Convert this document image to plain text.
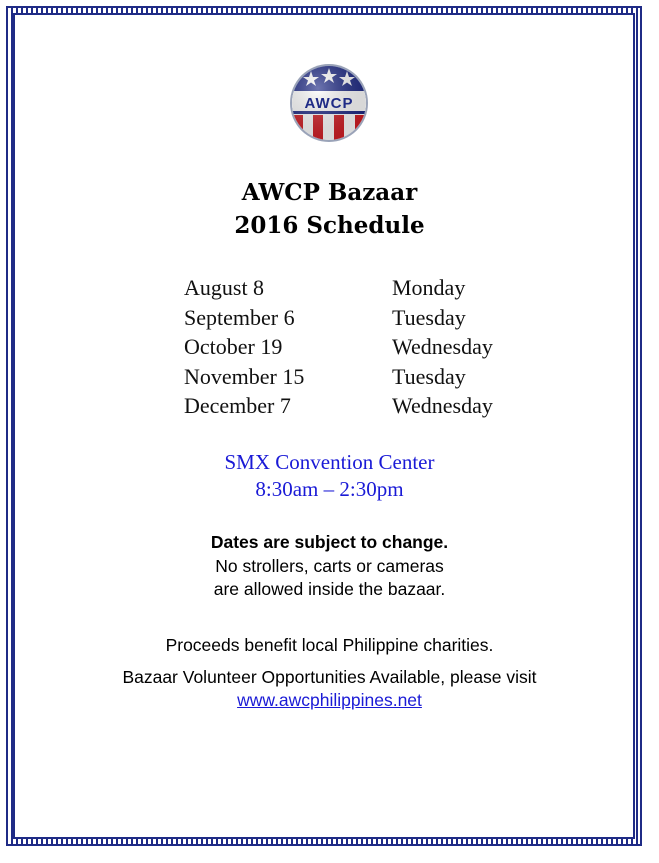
AWCP
AWCP Bazaar
2016 Schedule
August 8	Monday
September 6	Tuesday
October 19	Wednesday
November 15	Tuesday
December 7	Wednesday
SMX Convention Center
8:30am – 2:30pm
Dates are subject to change.
No strollers, carts or cameras
are allowed inside the bazaar.
Proceeds benefit local Philippine charities.
Bazaar Volunteer Opportunities Available, please visit
www.awcphilippines.net
